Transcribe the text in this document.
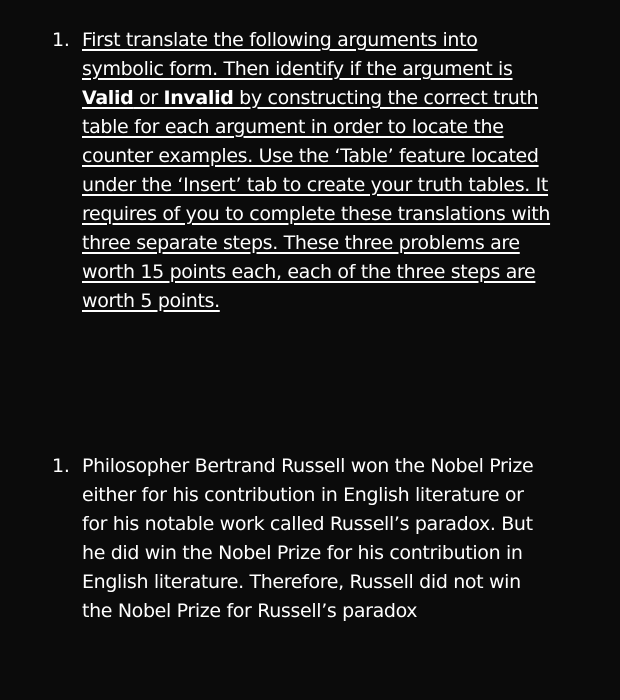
1. First translate the following arguments into
symbolic form. Then identify if the argument is
Valid or Invalid by constructing the correct truth
table for each argument in order to locate the
counter examples. Use the ‘Table’ feature located
under the ‘Insert’ tab to create your truth tables. It
requires of you to complete these translations with
three separate steps. These three problems are
worth 15 points each, each of the three steps are
worth 5 points.

1. Philosopher Bertrand Russell won the Nobel Prize
either for his contribution in English literature or
for his notable work called Russell’s paradox. But
he did win the Nobel Prize for his contribution in
English literature. Therefore, Russell did not win
the Nobel Prize for Russell’s paradox
